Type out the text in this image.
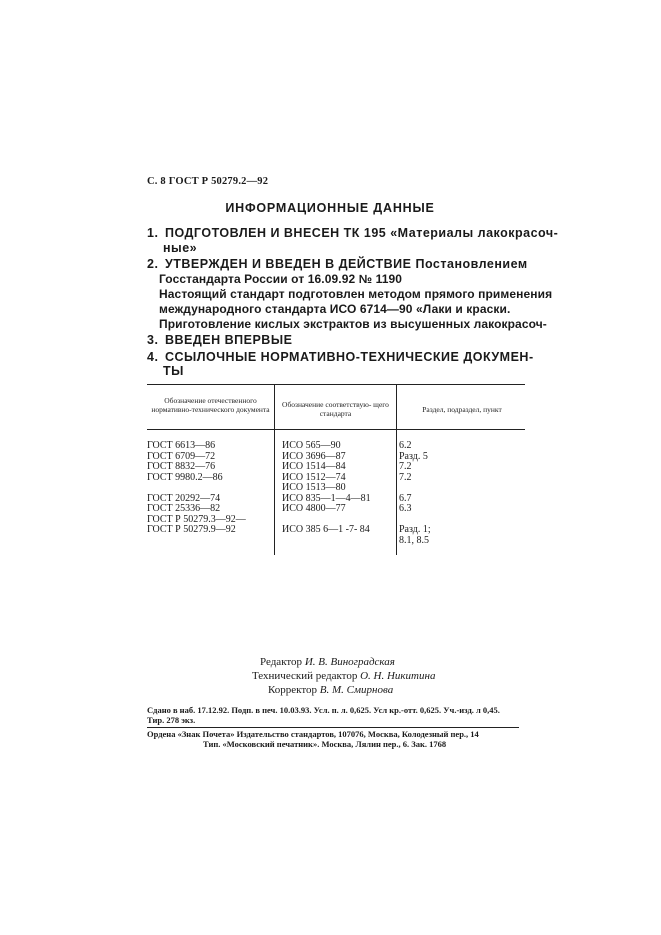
С. 8 ГОСТ Р 50279.2—92
ИНФОРМАЦИОННЫЕ ДАННЫЕ
1. ПОДГОТОВЛЕН И ВНЕСЕН ТК 195 «Материалы лакокрасоч-
ные»
2. УТВЕРЖДЕН И ВВЕДЕН В ДЕЙСТВИЕ Постановлением
Госстандарта России от 16.09.92 № 1190
Настоящий стандарт подготовлен методом прямого применения
международного стандарта ИСО 6714—90 «Лаки и краски.
Приготовление кислых экстрактов из высушенных лакокрасоч-
3. ВВЕДЕН ВПЕРВЫЕ
4. ССЫЛОЧНЫЕ НОРМАТИВНО-ТЕХНИЧЕСКИЕ ДОКУМЕН-
ТЫ
Обозначение отечественного нормативно-технического документа
Обозначение соответствую- щего стандарта	Раздел, подраздел, пункт
ГОСТ 6613—86
ГОСТ 6709—72
ГОСТ 8832—76
ГОСТ 9980.2—86
ГОСТ 20292—74
ГОСТ 25336—82
ГОСТ Р 50279.3—92—
ГОСТ Р 50279.9—92
ИСО 565—90
ИСО 3696—87
ИСО 1514—84
ИСО 1512—74
ИСО 1513—80
ИСО 835—1—4—81
ИСО 4800—77
ИСО 385 6—1 -7- 84
6.2
Разд. 5
7.2
7.2
6.7
6.3
Разд. 1;
8.1, 8.5
Редактор И. В. Виноградская
Технический редактор О. Н. Никитина
Корректор В. М. Смирнова
Сдано в наб. 17.12.92. Подп. в печ. 10.03.93. Усл. п. л. 0,625. Усл кр.-отт. 0,625. Уч.-изд. л 0,45.
Тир. 278 экз.
Ордена «Знак Почета» Издательство стандартов, 107076, Москва, Колодезный пер., 14
Тип. «Московский печатник». Москва, Лялин пер., 6. Зак. 1768
